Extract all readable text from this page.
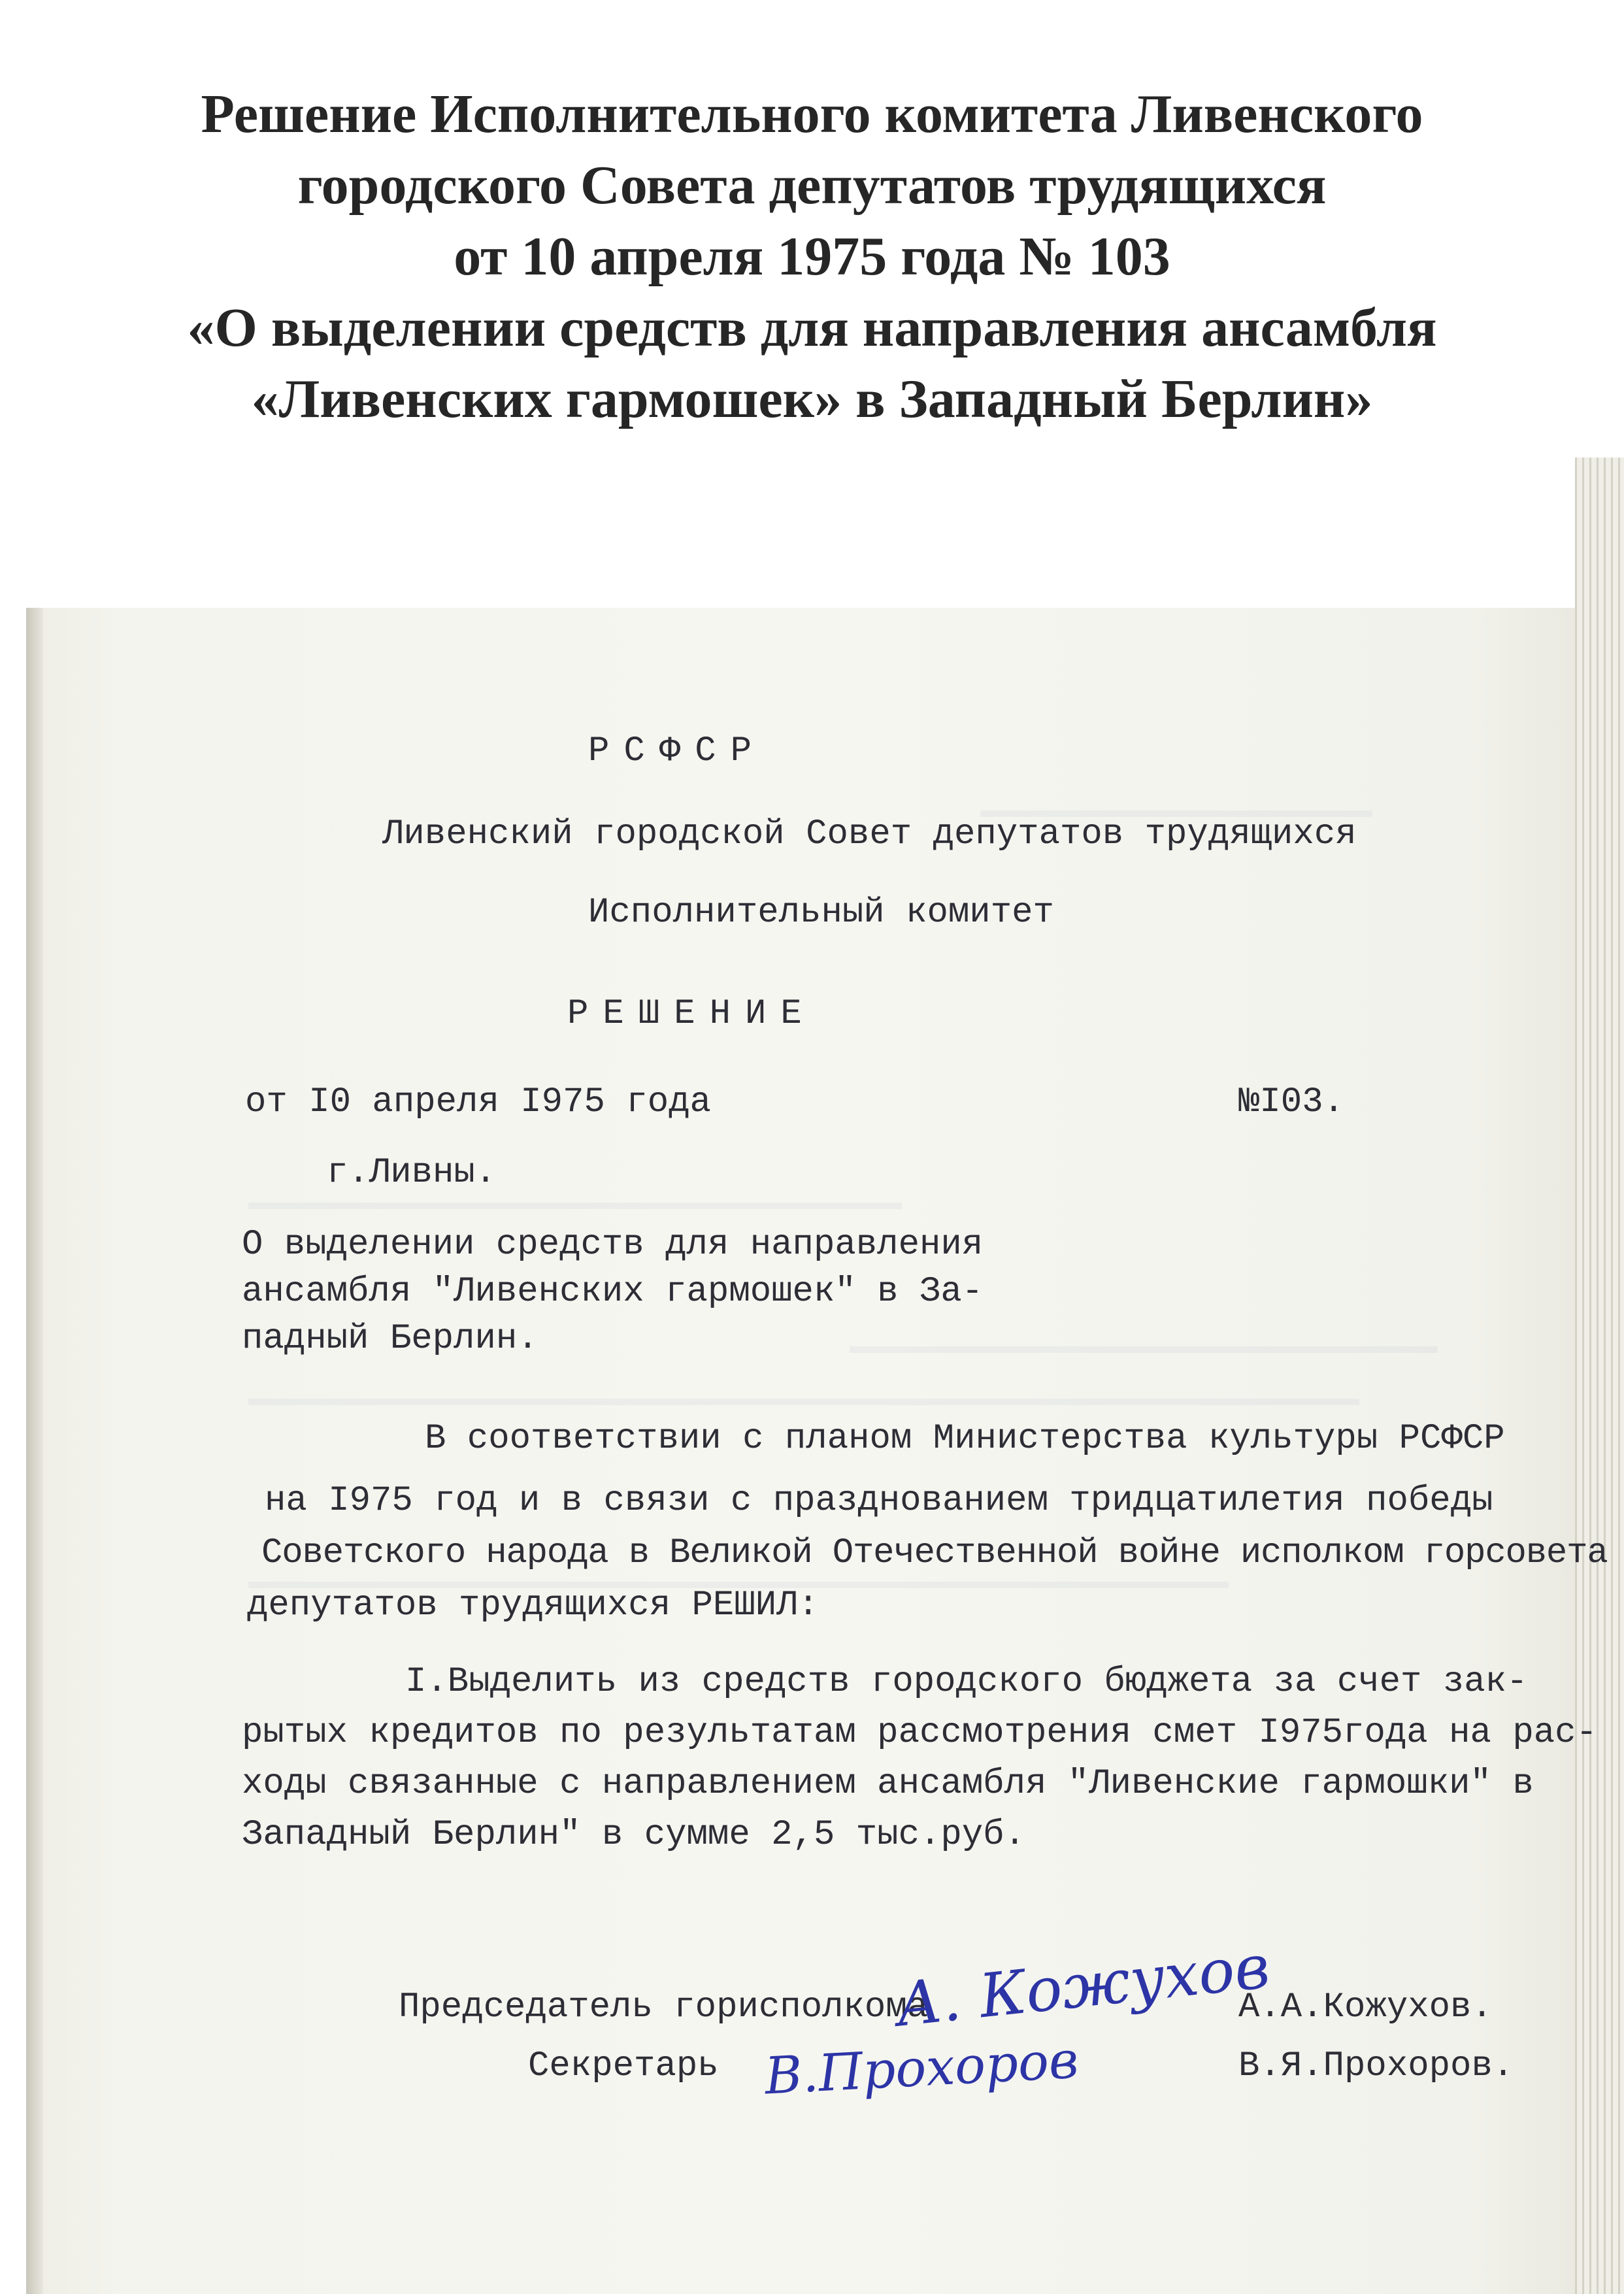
Решение Исполнительного комитета Ливенского
городского Совета депутатов трудящихся
от 10 апреля 1975 года № 103
«О выделении средств для направления ансамбля
«Ливенских гармошек» в Западный Берлин»
РСФСР
Ливенский городской Совет депутатов трудящихся
Исполнительный комитет
РЕШЕНИЕ
от I0 апреля I975 года	№I03.
г.Ливны.
О выделении средств для направления
ансамбля "Ливенских гармошек" в За-
падный Берлин.
В соответствии с планом Министерства культуры РСФСР
на I975 год и в связи с празднованием тридцатилетия победы
Советского народа в Великой Отечественной войне исполком горсовета
депутатов трудящихся РЕШИЛ:
I.Выделить из средств городского бюджета за счет зак-
рытых кредитов по результатам рассмотрения смет I975года на рас-
ходы связанные с направлением ансамбля "Ливенские гармошки" в
Западный Берлин" в сумме 2,5 тыс.руб.
Председатель горисполкома	А.А.Кожухов.
Секретарь	В.Я.Прохоров.
А. Кожухов
В.Прохоров
